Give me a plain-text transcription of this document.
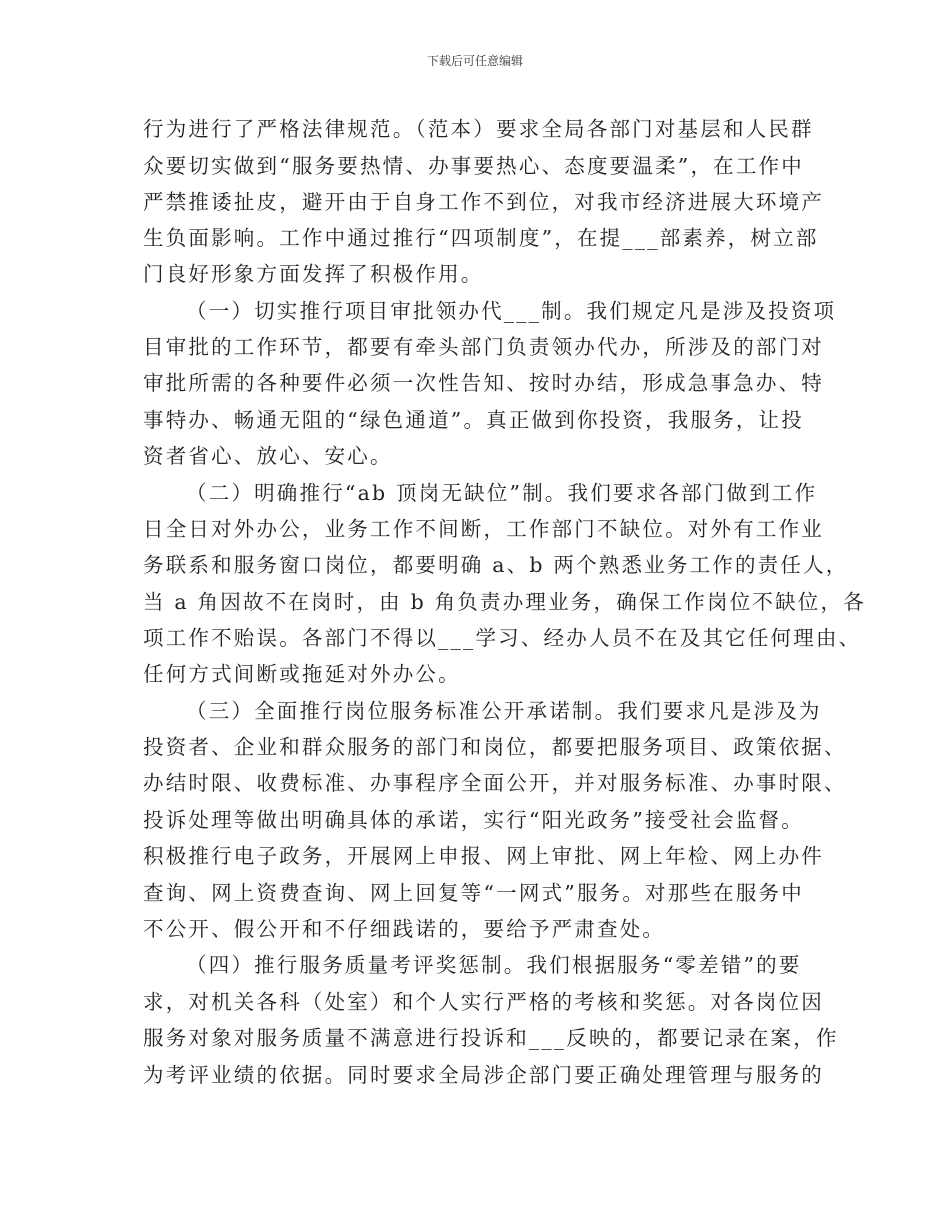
下载后可任意编辑
行为进行了严格法律规范。（范本）要求全局各部门对基层和人民群
众要切实做到“服务要热情、办事要热心、态度要温柔”，在工作中
严禁推诿扯皮，避开由于自身工作不到位，对我市经济进展大环境产
生负面影响。工作中通过推行“四项制度”，在提___部素养，树立部
门良好形象方面发挥了积极作用。
（一）切实推行项目审批领办代___制。我们规定凡是涉及投资项
目审批的工作环节，都要有牵头部门负责领办代办，所涉及的部门对
审批所需的各种要件必须一次性告知、按时办结，形成急事急办、特
事特办、畅通无阻的“绿色通道”。真正做到你投资，我服务，让投
资者省心、放心、安心。
（二）明确推行“ab 顶岗无缺位”制。我们要求各部门做到工作
日全日对外办公，业务工作不间断，工作部门不缺位。对外有工作业
务联系和服务窗口岗位，都要明确 a、b 两个熟悉业务工作的责任人，
当 a 角因故不在岗时，由 b 角负责办理业务，确保工作岗位不缺位，各
项工作不贻误。各部门不得以___学习、经办人员不在及其它任何理由、
任何方式间断或拖延对外办公。
（三）全面推行岗位服务标准公开承诺制。我们要求凡是涉及为
投资者、企业和群众服务的部门和岗位，都要把服务项目、政策依据、
办结时限、收费标准、办事程序全面公开，并对服务标准、办事时限、
投诉处理等做出明确具体的承诺，实行“阳光政务”接受社会监督。
积极推行电子政务，开展网上申报、网上审批、网上年检、网上办件
查询、网上资费查询、网上回复等“一网式”服务。对那些在服务中
不公开、假公开和不仔细践诺的，要给予严肃查处。
（四）推行服务质量考评奖惩制。我们根据服务“零差错”的要
求，对机关各科（处室）和个人实行严格的考核和奖惩。对各岗位因
服务对象对服务质量不满意进行投诉和___反映的，都要记录在案，作
为考评业绩的依据。同时要求全局涉企部门要正确处理管理与服务的
